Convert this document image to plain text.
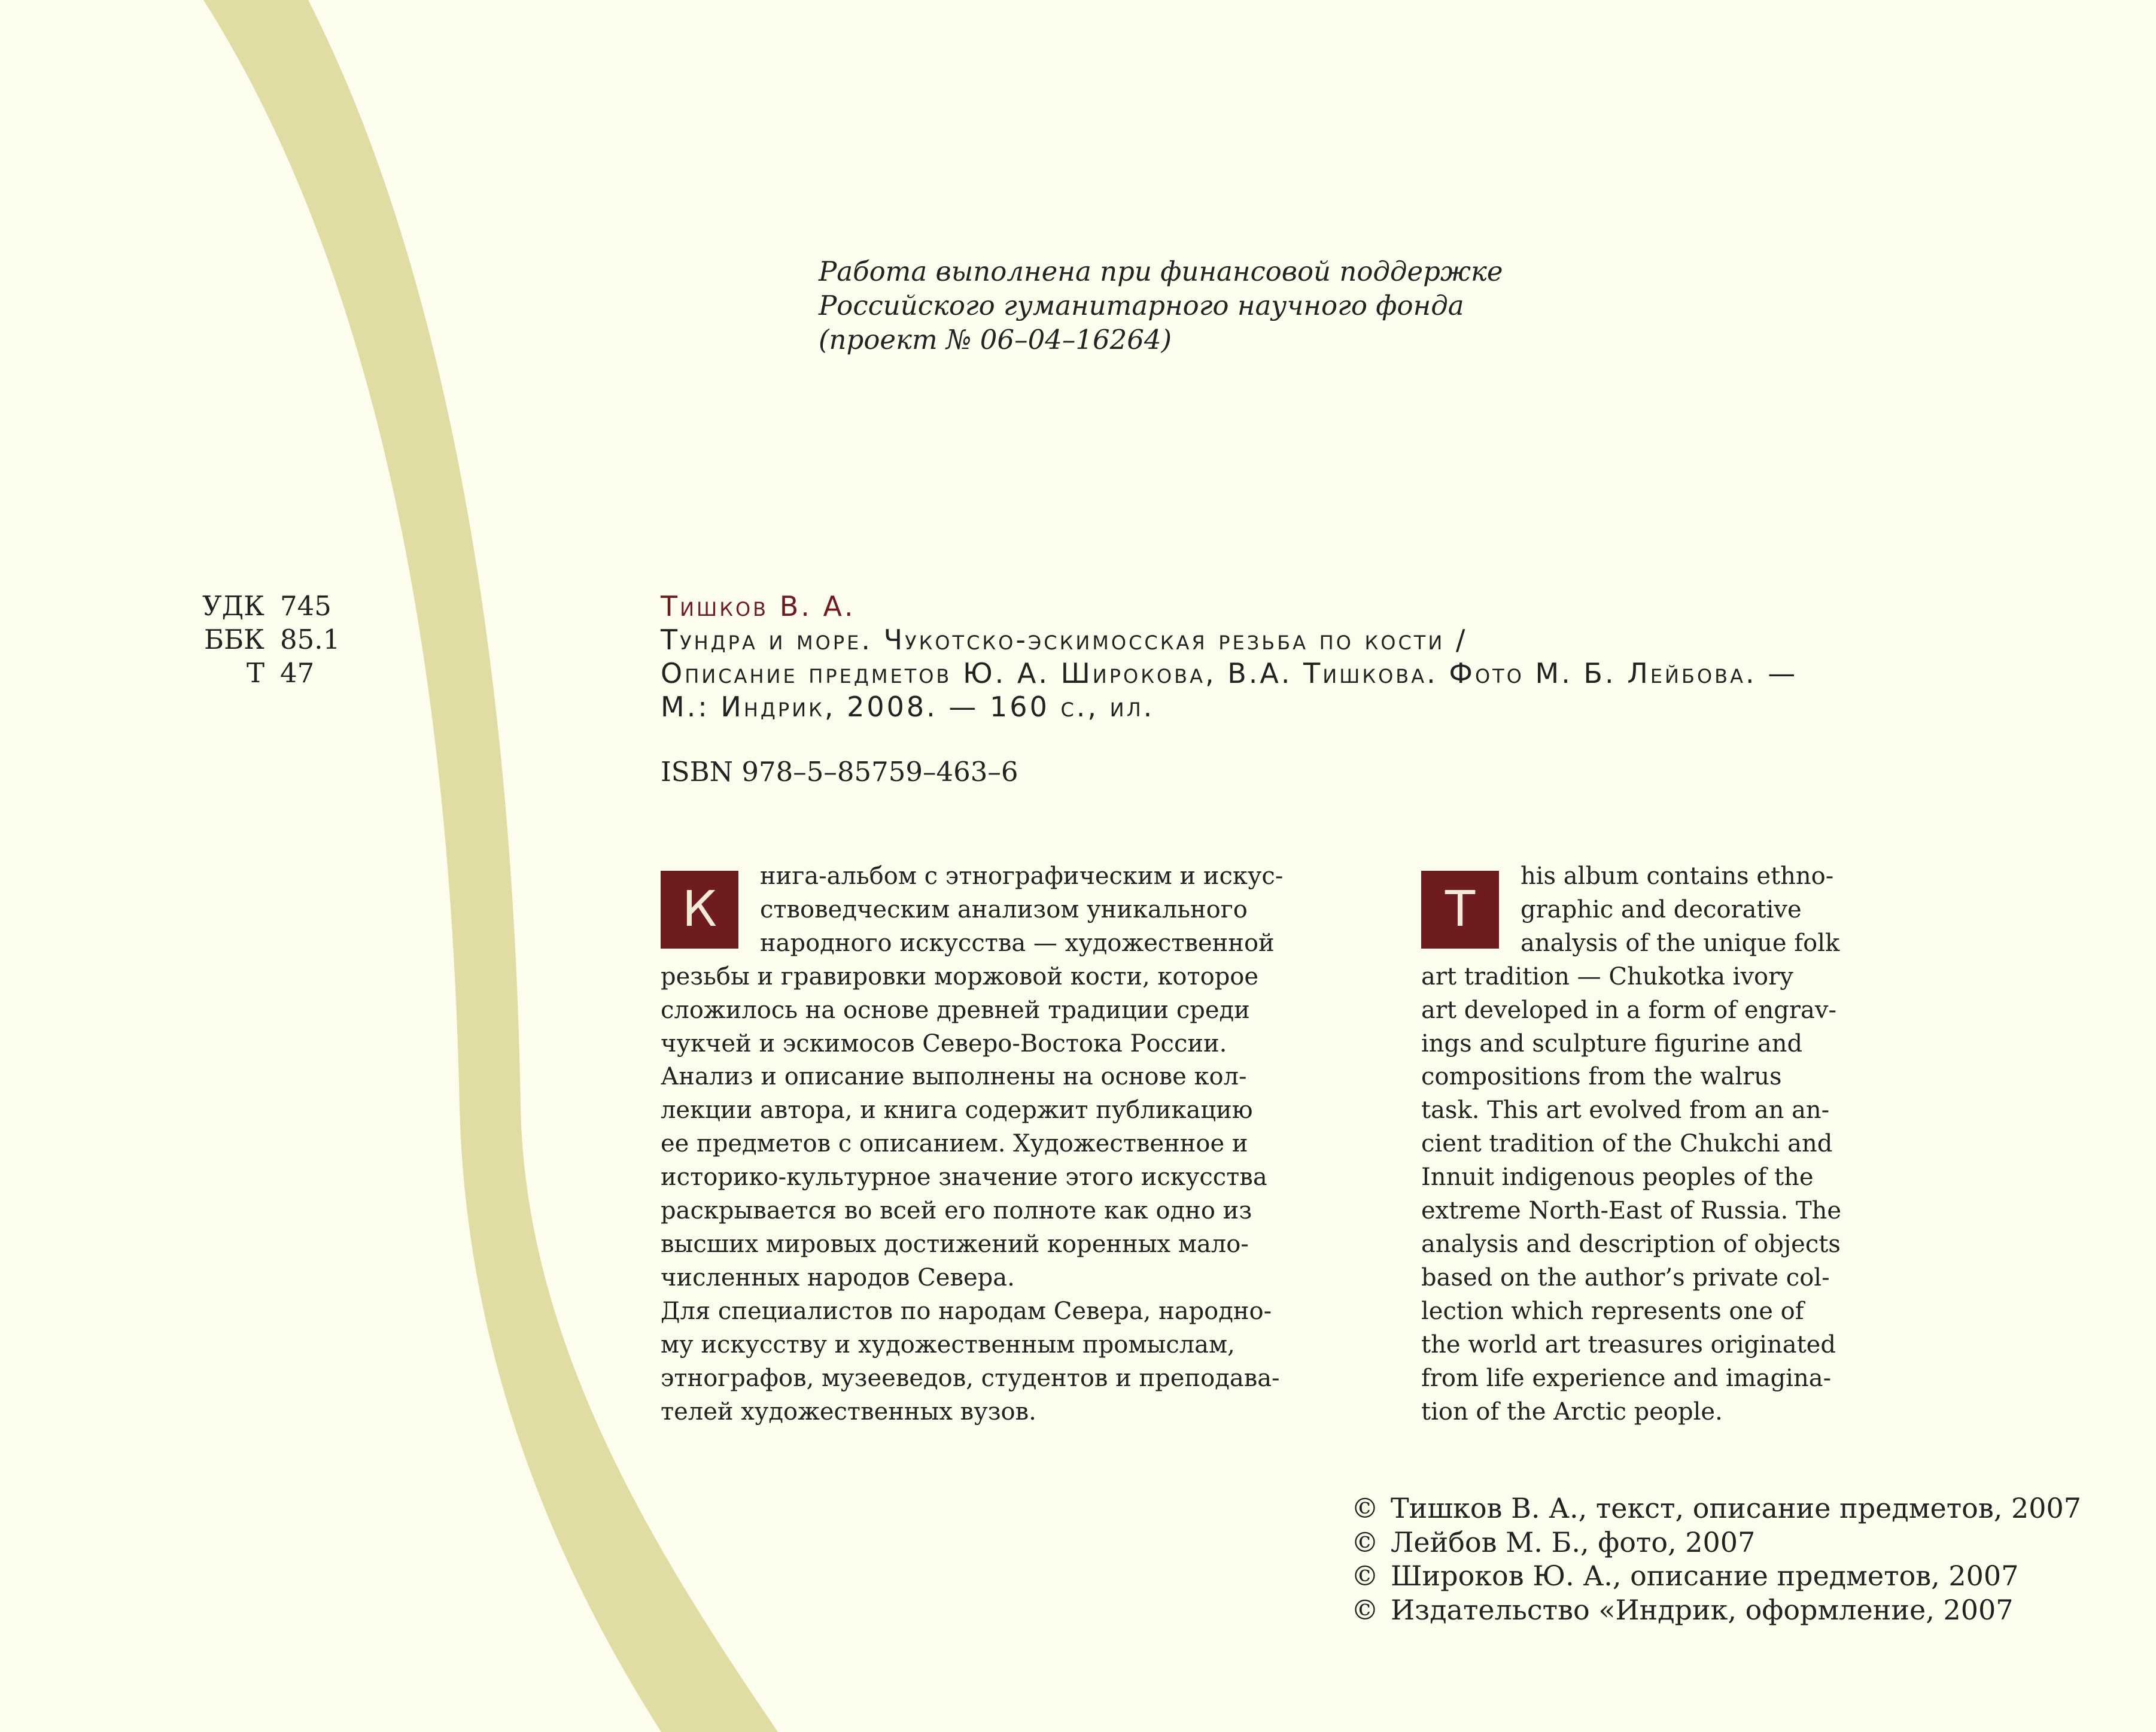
Работа выполнена при финансовой поддержке
Российского гуманитарного научного фонда
(проект № 06–04–16264)
УДК 745
ББК 85.1
Т 47
Тишков В. А.
Тундра и море. Чукотско-эскимосская резьба по кости /
Описание предметов Ю. А. Широкова, В.А. Тишкова. Фото М. Б. Лейбова. —
М.: Индрик, 2008. — 160 с., ил.
ISBN 978–5–85759–463–6
К
нига-альбом с этнографическим и искус-
ствоведческим анализом уникального
народного искусства — художественной
резьбы и гравировки моржовой кости, которое
сложилось на основе древней традиции среди
чукчей и эскимосов Северо-Востока России.
Анализ и описание выполнены на основе кол-
лекции автора, и книга содержит публикацию
ее предметов с описанием. Художественное и
историко-культурное значение этого искусства
раскрывается во всей его полноте как одно из
высших мировых достижений коренных мало-
численных народов Севера.
Для специалистов по народам Севера, народно-
му искусству и художественным промыслам,
этнографов, музееведов, студентов и преподава-
телей художественных вузов.
T
his album contains ethno-
graphic and decorative
analysis of the unique folk
art tradition — Chukotka ivory
art developed in a form of engrav-
ings and sculpture figurine and
compositions from the walrus
task. This art evolved from an an-
cient tradition of the Chukchi and
Innuit indigenous peoples of the
extreme North-East of Russia. The
analysis and description of objects
based on the author’s private col-
lection which represents one of
the world art treasures originated
from life experience and imagina-
tion of the Arctic people.
© Тишков В. А., текст, описание предметов, 2007
© Лейбов М. Б., фото, 2007
© Широков Ю. А., описание предметов, 2007
© Издательство «Индрик, оформление, 2007
